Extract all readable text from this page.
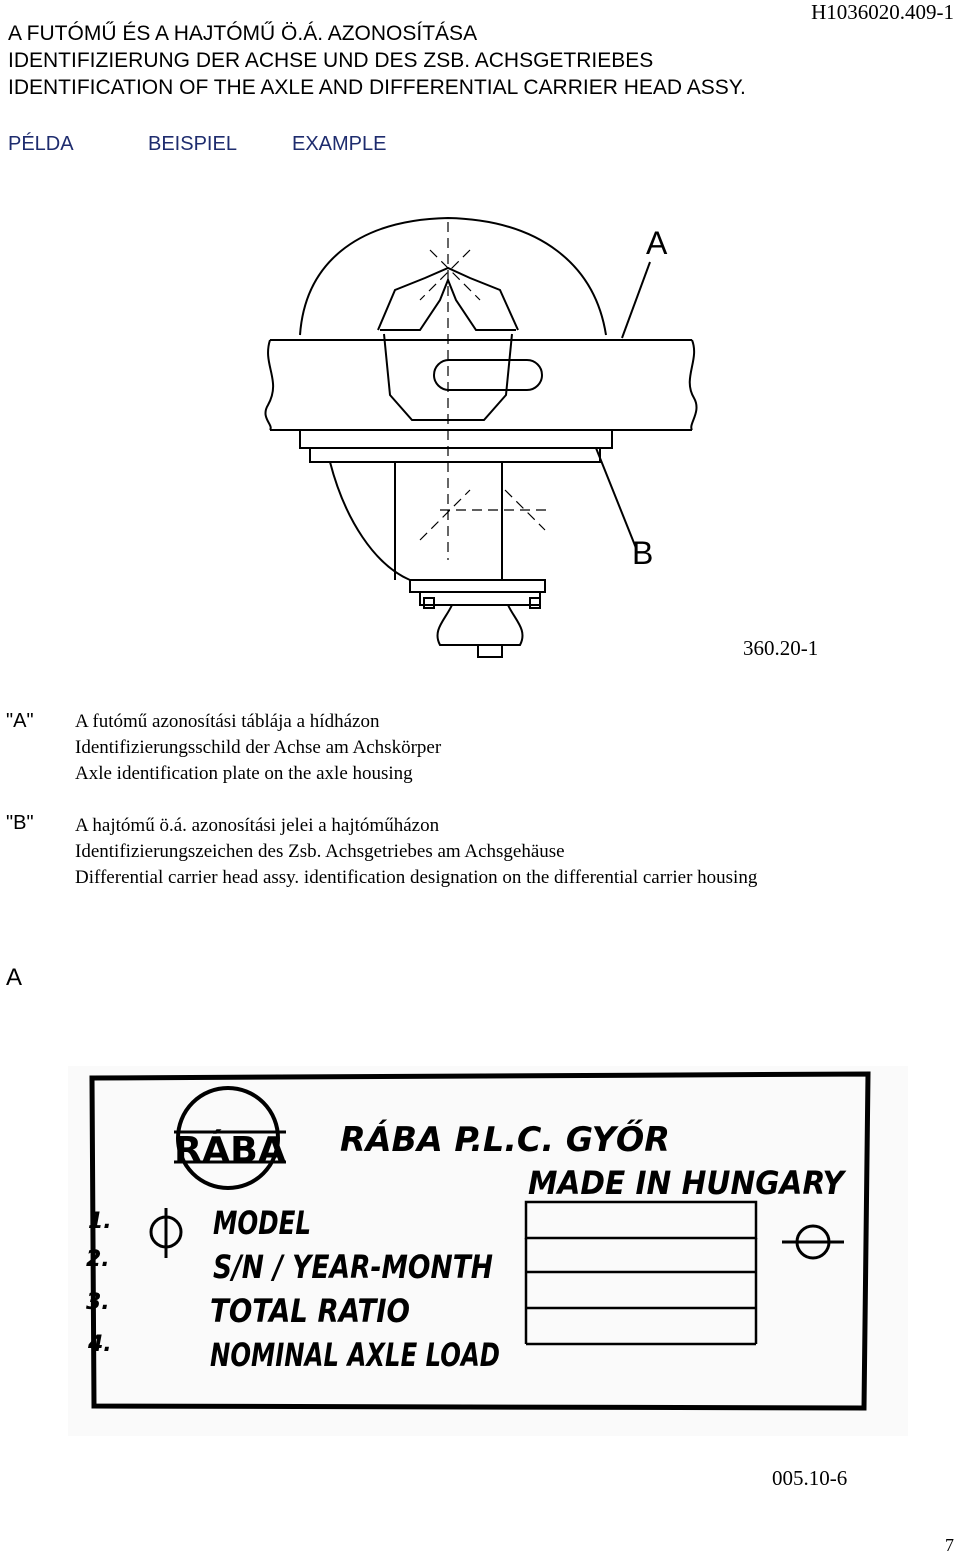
A FUTÓMŰ ÉS A HAJTÓMŰ Ö.Á. AZONOSÍTÁSA
IDENTIFIZIERUNG DER ACHSE UND DES ZSB. ACHSGETRIEBES
IDENTIFICATION OF THE AXLE AND DIFFERENTIAL CARRIER HEAD ASSY.
H1036020.409-1
PÉLDA	BEISPIEL	EXAMPLE
A
B
360.20-1
"A" A futómű azonosítási táblája a hídházon
Identifizierungsschild der Achse am Achskörper
Axle identification plate on the axle housing
"B" A hajtómű ö.á. azonosítási jelei a hajtóműházon
Identifizierungszeichen des Zsb. Achsgetriebes am Achsgehäuse
Differential carrier head assy. identification designation on the differential carrier housing
A
RÁBA RÁBA P.L.C. GYŐR
MADE IN HUNGARY
1.
2.
3.
4.
MODEL
S/N / YEAR-MONTH
TOTAL RATIO
NOMINAL AXLE LOAD
005.10-6
7
